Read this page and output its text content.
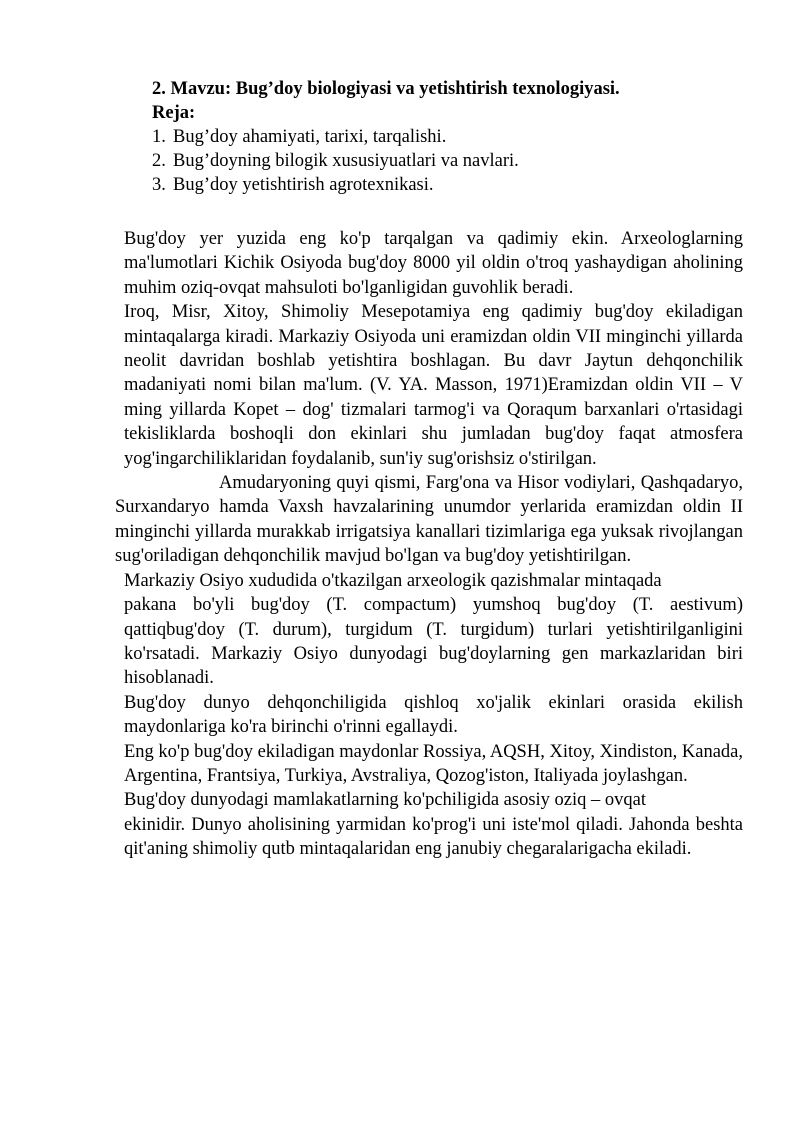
2. Mavzu: Bug’doy biologiyasi va yetishtirish texnologiyasi.
Reja:
1. Bug’doy ahamiyati, tarixi, tarqalishi.
2. Bug’doyning bilogik xususiyuatlari va navlari.
3. Bug’doy yetishtirish agrotexnikasi.

Bug'doy yer yuzida eng ko'p tarqalgan va qadimiy ekin. Arxeologlarning ma'lumotlari Kichik Osiyoda bug'doy 8000 yil oldin o'troq yashaydigan aholining muhim oziq-ovqat mahsuloti bo'lganligidan guvohlik beradi.

Iroq, Misr, Xitoy, Shimoliy Mesepotamiya eng qadimiy bug'doy ekiladigan mintaqalarga kiradi. Markaziy Osiyoda uni eramizdan oldin VII minginchi yillarda neolit davridan boshlab yetishtira boshlagan. Bu davr Jaytun dehqonchilik madaniyati nomi bilan ma'lum. (V. YA. Masson, 1971)Eramizdan oldin VII – V ming yillarda Kopet – dog' tizmalari tarmog'i va Qoraqum barxanlari o'rtasidagi tekisliklarda boshoqli don ekinlari shu jumladan bug'doy faqat atmosfera yog'ingarchiliklaridan foydalanib, sun'iy sug'orishsiz o'stirilgan.

Amudaryoning quyi qismi, Farg'ona va Hisor vodiylari, Qashqadaryo, Surxandaryo hamda Vaxsh havzalarining unumdor yerlarida eramizdan oldin II minginchi yillarda murakkab irrigatsiya kanallari tizimlariga ega yuksak rivojlangan sug'oriladigan dehqonchilik mavjud bo'lgan va bug'doy yetishtirilgan.

Markaziy Osiyo xududida o'tkazilgan arxeologik qazishmalar mintaqada

pakana bo'yli bug'doy (T. compactum) yumshoq bug'doy (T. aestivum) qattiqbug'doy (T. durum), turgidum (T. turgidum) turlari yetishtirilganligini ko'rsatadi. Markaziy Osiyo dunyodagi bug'doylarning gen markazlaridan biri hisoblanadi.

Bug'doy dunyo dehqonchiligida qishloq xo'jalik ekinlari orasida ekilish maydonlariga ko'ra birinchi o'rinni egallaydi.

Eng ko'p bug'doy ekiladigan maydonlar Rossiya, AQSH, Xitoy, Xindiston, Kanada, Argentina, Frantsiya, Turkiya, Avstraliya, Qozog'iston, Italiyada joylashgan.

Bug'doy dunyodagi mamlakatlarning ko'pchiligida asosiy oziq – ovqat

ekinidir. Dunyo aholisining yarmidan ko'prog'i uni iste'mol qiladi. Jahonda beshta qit'aning shimoliy qutb mintaqalaridan eng janubiy chegaralarigacha ekiladi.
